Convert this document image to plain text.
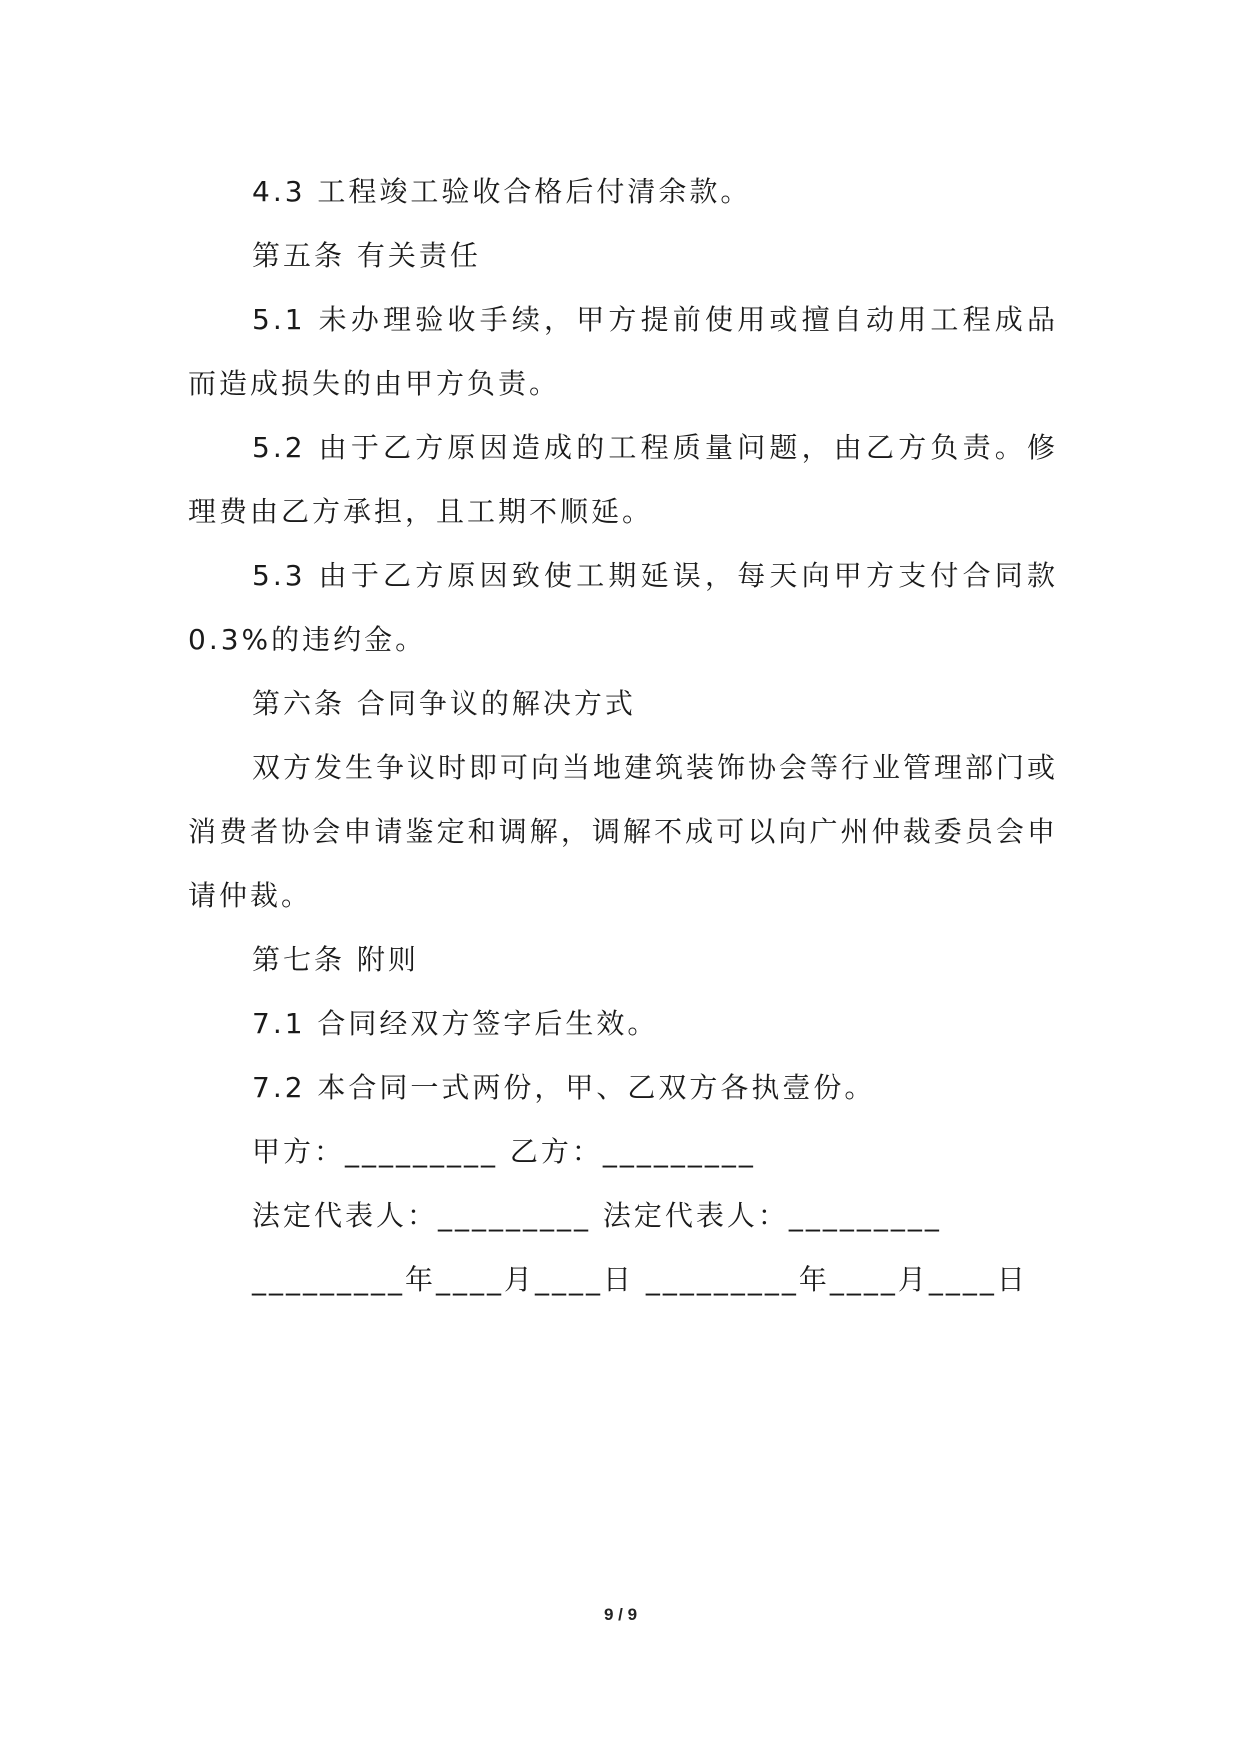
4.3 工程竣工验收合格后付清余款。

第五条 有关责任

5.1 未办理验收手续，甲方提前使用或擅自动用工程成品而造成损失的由甲方负责。

5.2 由于乙方原因造成的工程质量问题，由乙方负责。修理费由乙方承担，且工期不顺延。

5.3 由于乙方原因致使工期延误，每天向甲方支付合同款0.3%的违约金。

第六条 合同争议的解决方式

双方发生争议时即可向当地建筑装饰协会等行业管理部门或消费者协会申请鉴定和调解，调解不成可以向广州仲裁委员会申请仲裁。

第七条 附则

7.1 合同经双方签字后生效。

7.2 本合同一式两份，甲、乙双方各执壹份。

甲方：_________ 乙方：_________
法定代表人：_________ 法定代表人：_________
_________年____月____日 _________年____月____日
9 / 9
